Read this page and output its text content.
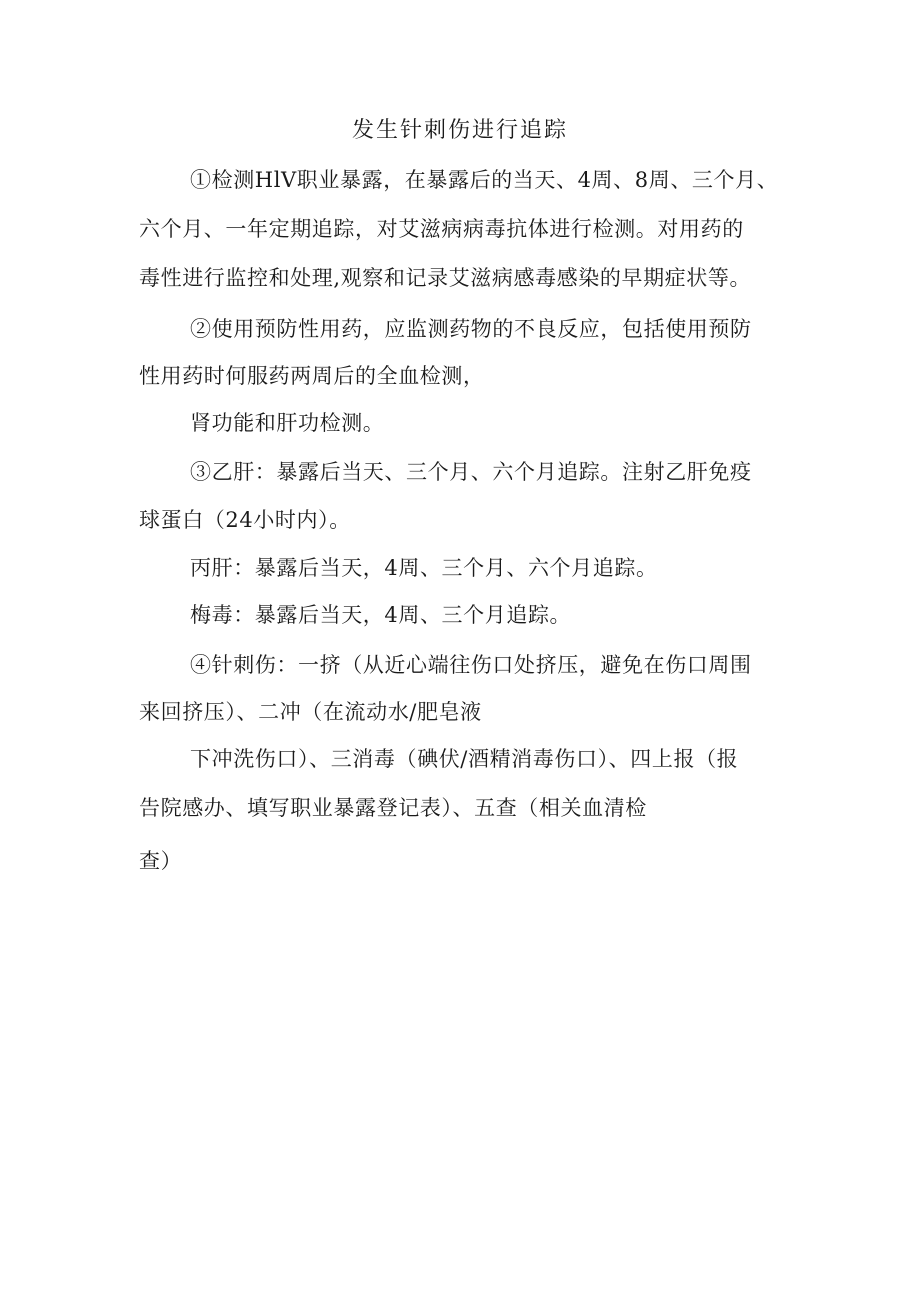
发生针刺伤进行追踪
①检测HlV职业暴露，在暴露后的当天、4周、8周、三个月、
六个月、一年定期追踪，对艾滋病病毒抗体进行检测。对用药的
毒性进行监控和处理,观察和记录艾滋病感毒感染的早期症状等。
②使用预防性用药，应监测药物的不良反应，包括使用预防
性用药时何服药两周后的全血检测，
肾功能和肝功检测。
③乙肝：暴露后当天、三个月、六个月追踪。注射乙肝免疫
球蛋白（24小时内）。
丙肝：暴露后当天，4周、三个月、六个月追踪。
梅毒：暴露后当天，4周、三个月追踪。
④针刺伤：一挤（从近心端往伤口处挤压，避免在伤口周围
来回挤压）、二冲（在流动水/肥皂液
下冲洗伤口）、三消毒（碘伏/酒精消毒伤口）、四上报（报
告院感办、填写职业暴露登记表）、五查（相关血清检
查）
